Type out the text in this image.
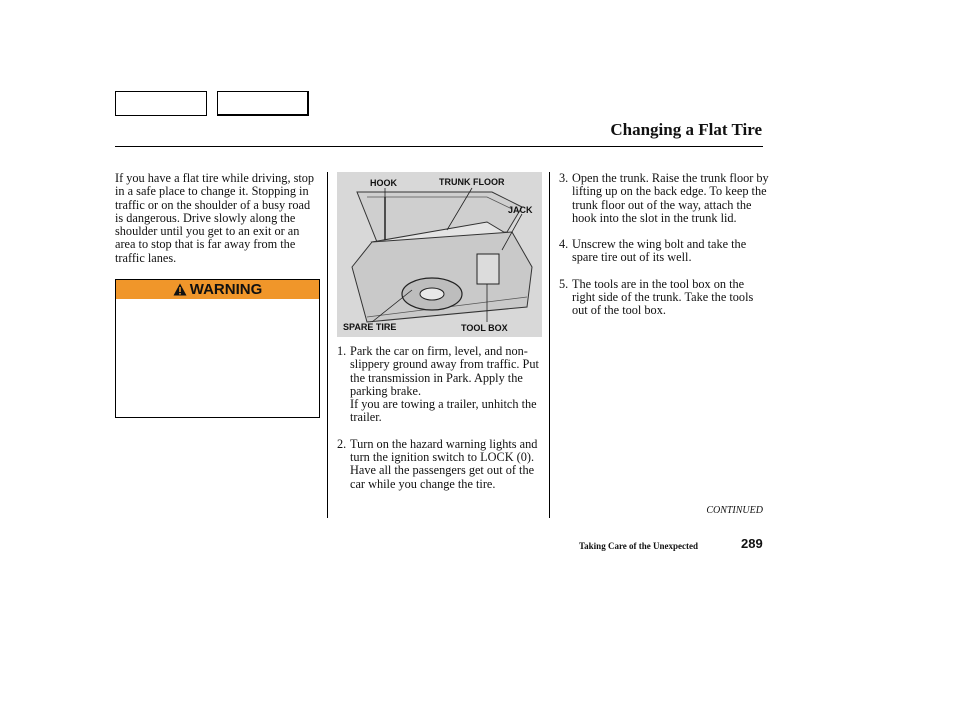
Changing a Flat Tire

If you have a flat tire while driving, stop in a safe place to change it. Stopping in traffic or on the shoulder of a busy road is dangerous. Drive slowly along the shoulder until you get to an exit or an area to stop that is far away from the traffic lanes.

WARNING
HOOK	TRUNK FLOOR
JACK
SPARE TIRE	TOOL BOX
1. Park the car on firm, level, and non-slippery ground away from traffic. Put the transmission in Park. Apply the parking brake.

If you are towing a trailer, unhitch the trailer.

2. Turn on the hazard warning lights and turn the ignition switch to LOCK (0). Have all the passengers get out of the car while you change the tire.

3. Open the trunk. Raise the trunk floor by lifting up on the back edge. To keep the trunk floor out of the way, attach the hook into the slot in the trunk lid.

4. Unscrew the wing bolt and take the spare tire out of its well.

5. The tools are in the tool box on the right side of the trunk. Take the tools out of the tool box.

CONTINUED
Taking Care of the Unexpected	289
